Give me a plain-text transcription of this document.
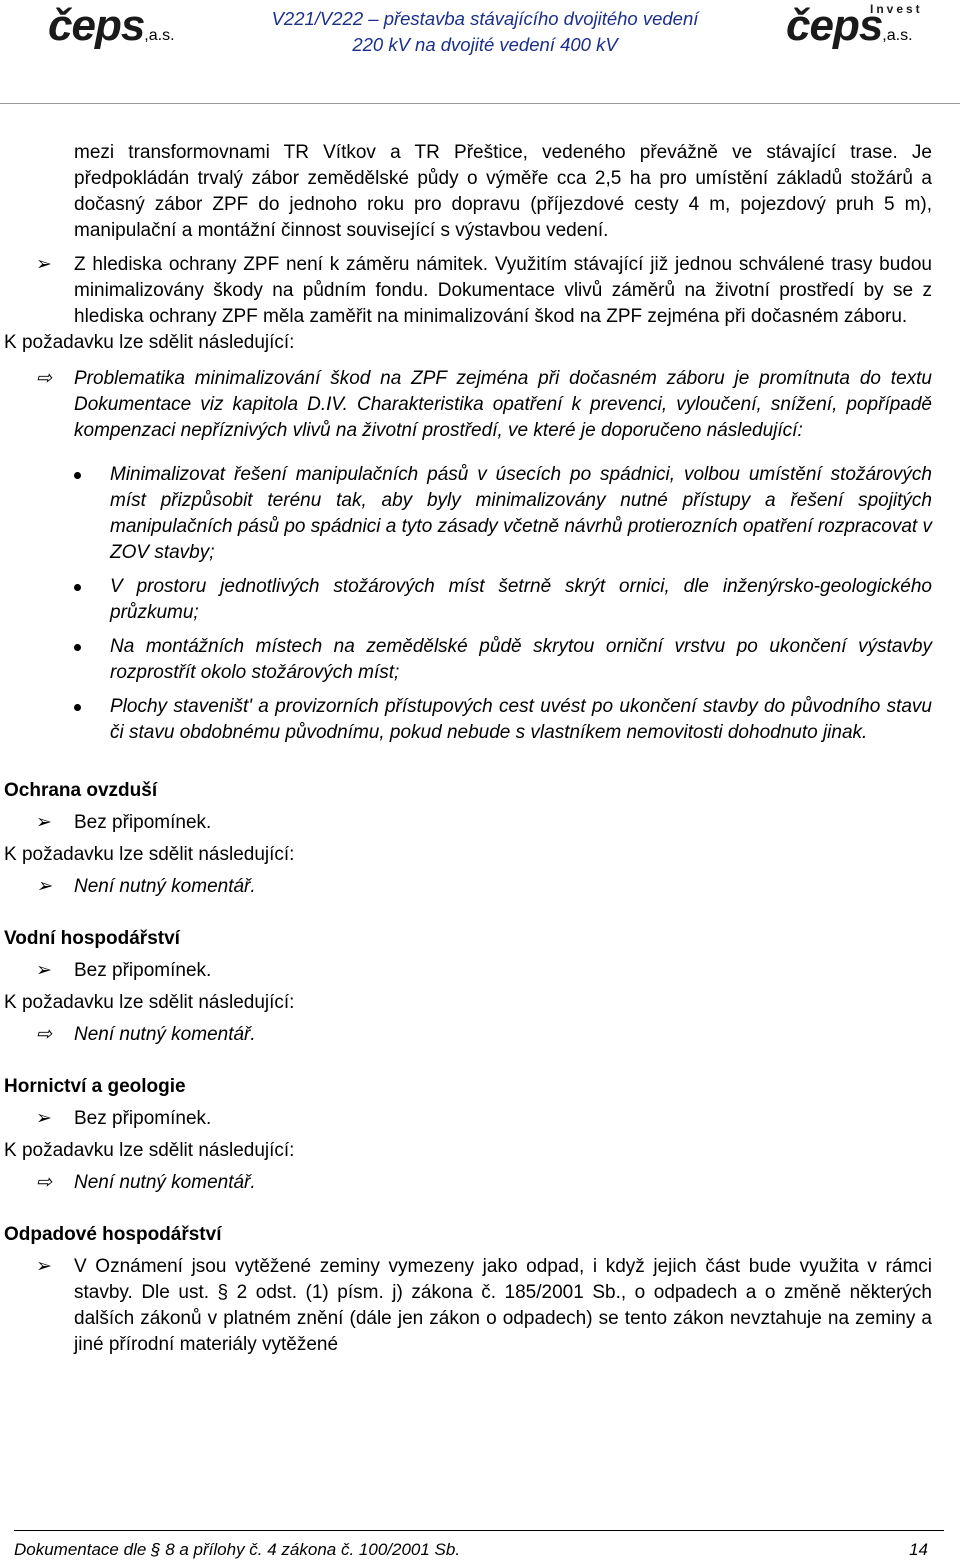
čeps,a.s.
V221/V222 – přestavba stávajícího dvojitého vedení
220 kV na dvojité vedení 400 kV
Invest
čeps,a.s.
mezi transformovnami TR Vítkov a TR Přeštice, vedeného převážně ve stávající trase. Je předpokládán trvalý zábor zemědělské půdy o výměře cca 2,5 ha pro umístění základů stožárů a dočasný zábor ZPF do jednoho roku pro dopravu (příjezdové cesty 4 m, pojezdový pruh 5 m), manipulační a montážní činnost související s výstavbou vedení.
➢	Z hlediska ochrany ZPF není k záměru námitek. Využitím stávající již jednou schválené trasy budou minimalizovány škody na půdním fondu. Dokumentace vlivů záměrů na životní prostředí by se z hlediska ochrany ZPF měla zaměřit na minimalizování škod na ZPF zejména při dočasném záboru.
K požadavku lze sdělit následující:
⇨	Problematika minimalizování škod na ZPF zejména při dočasném záboru je promítnuta do textu Dokumentace viz kapitola D.IV. Charakteristika opatření k prevenci, vyloučení, snížení, popřípadě kompenzaci nepříznivých vlivů na životní prostředí, ve které je doporučeno následující:
Minimalizovat řešení manipulačních pásů v úsecích po spádnici, volbou umístění stožárových míst přizpůsobit terénu tak, aby byly minimalizovány nutné přístupy a řešení spojitých manipulačních pásů po spádnici a tyto zásady včetně návrhů protierozních opatření rozpracovat v ZOV stavby;
V prostoru jednotlivých stožárových míst šetrně skrýt ornici, dle inženýrsko-geologického průzkumu;
Na montážních místech na zemědělské půdě skrytou orniční vrstvu po ukončení výstavby rozprostřít okolo stožárových míst;
Plochy staveništ' a provizorních přístupových cest uvést po ukončení stavby do původního stavu či stavu obdobnému původnímu, pokud nebude s vlastníkem nemovitosti dohodnuto jinak.
Ochrana ovzduší
➢	Bez připomínek.
K požadavku lze sdělit následující:
➢	Není nutný komentář.
Vodní hospodářství
➢	Bez připomínek.
K požadavku lze sdělit následující:
⇨	Není nutný komentář.
Hornictví a geologie
➢	Bez připomínek.
K požadavku lze sdělit následující:
⇨	Není nutný komentář.
Odpadové hospodářství
➢	V Oznámení jsou vytěžené zeminy vymezeny jako odpad, i když jejich část bude využita v rámci stavby. Dle ust. § 2 odst. (1) písm. j) zákona č. 185/2001 Sb., o odpadech a o změně některých dalších zákonů v platném znění (dále jen zákon o odpadech) se tento zákon nevztahuje na zeminy a jiné přírodní materiály vytěžené
Dokumentace dle § 8 a přílohy č. 4 zákona č. 100/2001 Sb.	14
